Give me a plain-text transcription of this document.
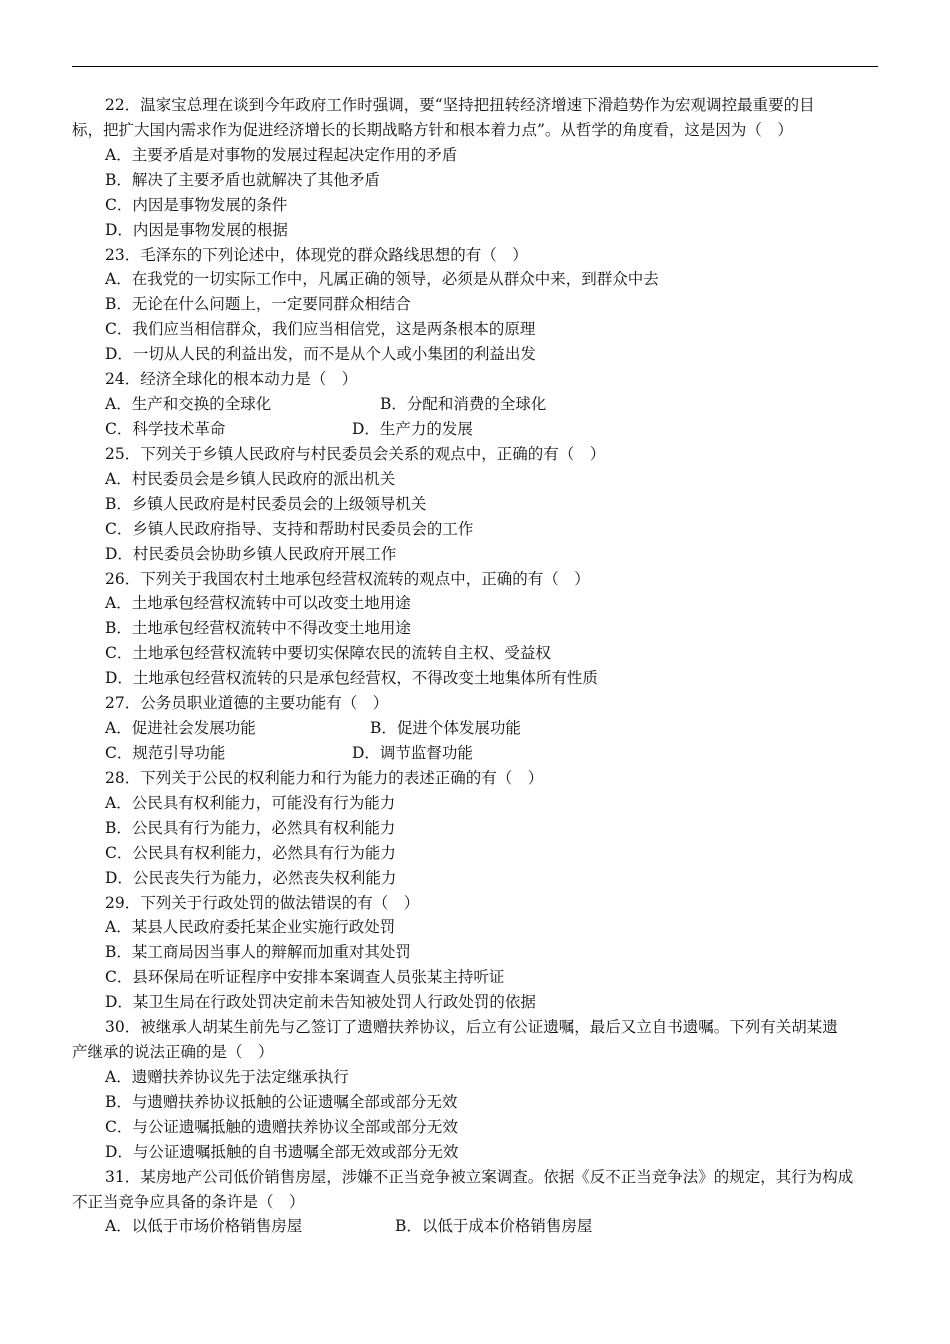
22．温家宝总理在谈到今年政府工作时强调，要“坚持把扭转经济增速下滑趋势作为宏观调控最重要的目
标，把扩大国内需求作为促进经济增长的长期战略方针和根本着力点”。从哲学的角度看，这是因为（　）
A．主要矛盾是对事物的发展过程起决定作用的矛盾
B．解决了主要矛盾也就解决了其他矛盾
C．内因是事物发展的条件
D．内因是事物发展的根据
23．毛泽东的下列论述中，体现党的群众路线思想的有（　）
A．在我党的一切实际工作中，凡属正确的领导，必须是从群众中来，到群众中去
B．无论在什么问题上，一定要同群众相结合
C．我们应当相信群众，我们应当相信党，这是两条根本的原理
D．一切从人民的利益出发，而不是从个人或小集团的利益出发
24．经济全球化的根本动力是（　）
A．生产和交换的全球化	B．分配和消费的全球化
C．科学技术革命	D．生产力的发展
25．下列关于乡镇人民政府与村民委员会关系的观点中，正确的有（　）
A．村民委员会是乡镇人民政府的派出机关
B．乡镇人民政府是村民委员会的上级领导机关
C．乡镇人民政府指导、支持和帮助村民委员会的工作
D．村民委员会协助乡镇人民政府开展工作
26．下列关于我国农村土地承包经营权流转的观点中，正确的有（　）
A．土地承包经营权流转中可以改变土地用途
B．土地承包经营权流转中不得改变土地用途
C．土地承包经营权流转中要切实保障农民的流转自主权、受益权
D．土地承包经营权流转的只是承包经营权，不得改变土地集体所有性质
27．公务员职业道德的主要功能有（　）
A．促进社会发展功能	B．促进个体发展功能
C．规范引导功能	D．调节监督功能
28．下列关于公民的权利能力和行为能力的表述正确的有（　）
A．公民具有权利能力，可能没有行为能力
B．公民具有行为能力，必然具有权利能力
C．公民具有权利能力，必然具有行为能力
D．公民丧失行为能力，必然丧失权利能力
29．下列关于行政处罚的做法错误的有（　）
A．某县人民政府委托某企业实施行政处罚
B．某工商局因当事人的辩解而加重对其处罚
C．县环保局在听证程序中安排本案调查人员张某主持听证
D．某卫生局在行政处罚决定前未告知被处罚人行政处罚的依据
30．被继承人胡某生前先与乙签订了遗赠扶养协议，后立有公证遗嘱，最后又立自书遗嘱。下列有关胡某遗
产继承的说法正确的是（　）
A．遗赠扶养协议先于法定继承执行
B．与遗赠扶养协议抵触的公证遗嘱全部或部分无效
C．与公证遗嘱抵触的遗赠扶养协议全部或部分无效
D．与公证遗嘱抵触的自书遗嘱全部无效或部分无效
31．某房地产公司低价销售房屋，涉嫌不正当竞争被立案调查。依据《反不正当竞争法》的规定，其行为构成
不正当竞争应具备的条许是（　）
A．以低于市场价格销售房屋	B．以低于成本价格销售房屋
